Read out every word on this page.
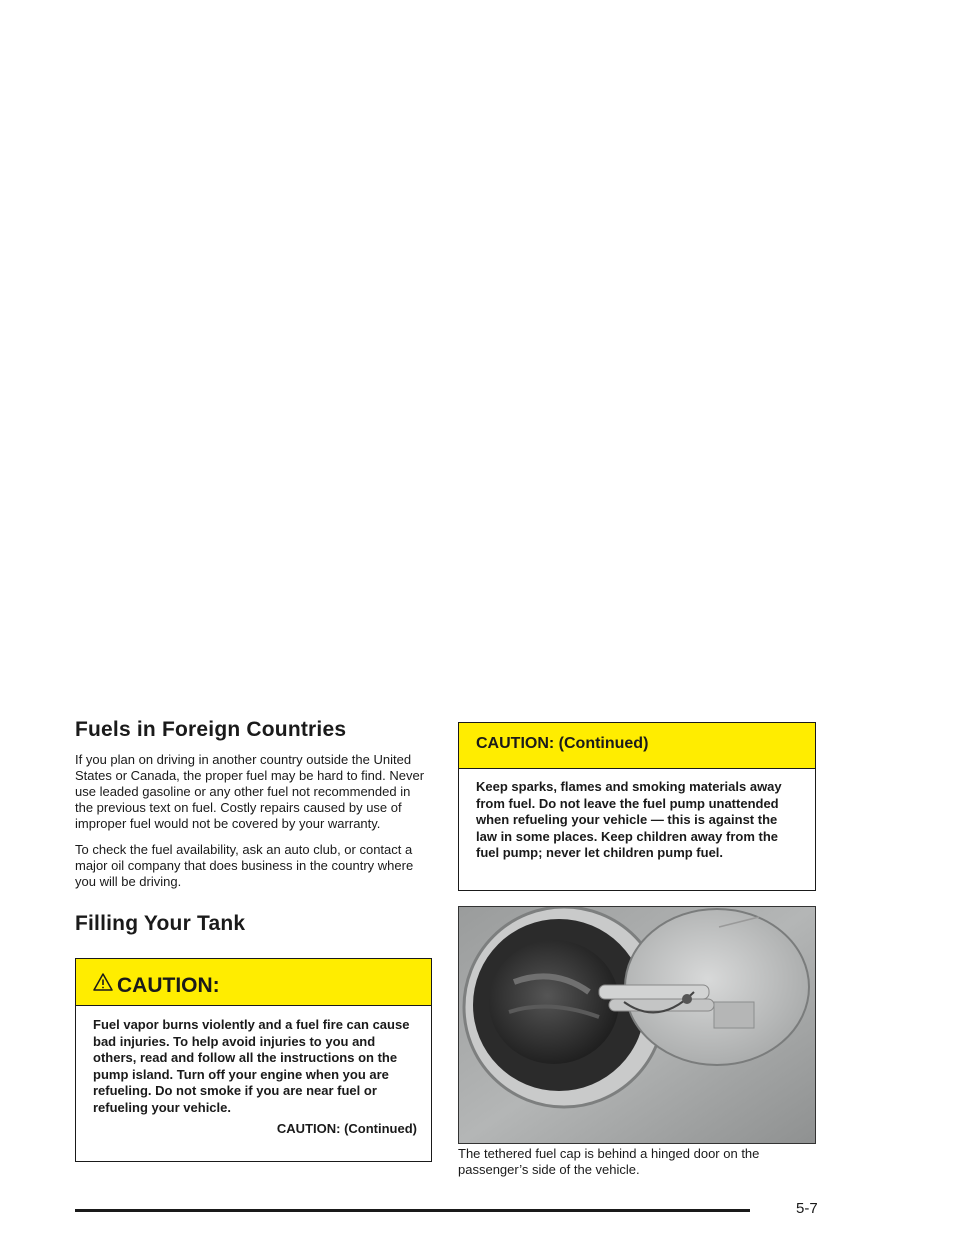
Fuels in Foreign Countries

If you plan on driving in another country outside the United States or Canada, the proper fuel may be hard to find. Never use leaded gasoline or any other fuel not recommended in the previous text on fuel. Costly repairs caused by use of improper fuel would not be covered by your warranty.

To check the fuel availability, ask an auto club, or contact a major oil company that does business in the country where you will be driving.

Filling Your Tank
CAUTION:
Fuel vapor burns violently and a fuel fire can cause bad injuries. To help avoid injuries to you and others, read and follow all the instructions on the pump island. Turn off your engine when you are refueling. Do not smoke if you are near fuel or refueling your vehicle.
CAUTION: (Continued)
CAUTION: (Continued)
Keep sparks, flames and smoking materials away from fuel. Do not leave the fuel pump unattended when refueling your vehicle — this is against the law in some places. Keep children away from the fuel pump; never let children pump fuel.
The tethered fuel cap is behind a hinged door on the passenger’s side of the vehicle.
5-7
